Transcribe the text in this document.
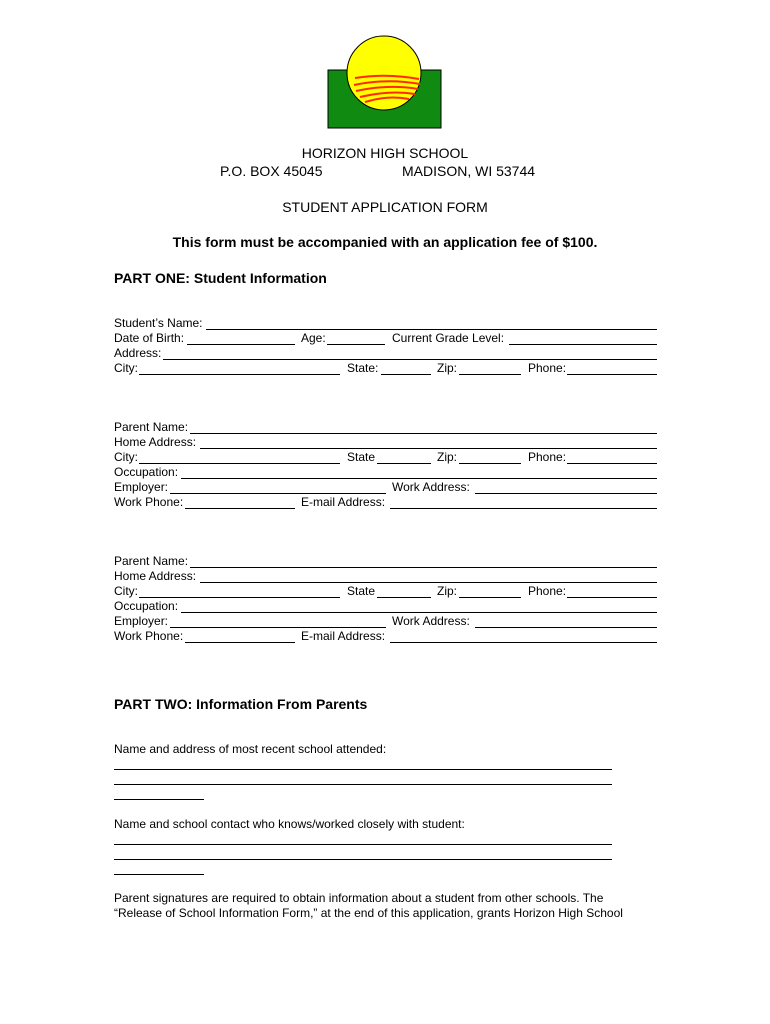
HORIZON HIGH SCHOOL
P.O. BOX 45045	MADISON, WI 53744
STUDENT APPLICATION FORM
This form must be accompanied with an application fee of $100.
PART ONE: Student Information
Student’s Name:
Date of Birth:	Age:	Current Grade Level:
Address:
City:	State:	Zip:	Phone:
Parent Name:
Home Address:
City:	State	Zip:	Phone:
Occupation:
Employer:	Work Address:
Work Phone:	E-mail Address:
Parent Name:
Home Address:
City:	State	Zip:	Phone:
Occupation:
Employer:	Work Address:
Work Phone:	E-mail Address:
PART TWO: Information From Parents
Name and address of most recent school attended:
Name and school contact who knows/worked closely with student:
Parent signatures are required to obtain information about a student from other schools. The “Release of School Information Form,” at the end of this application, grants Horizon High School
